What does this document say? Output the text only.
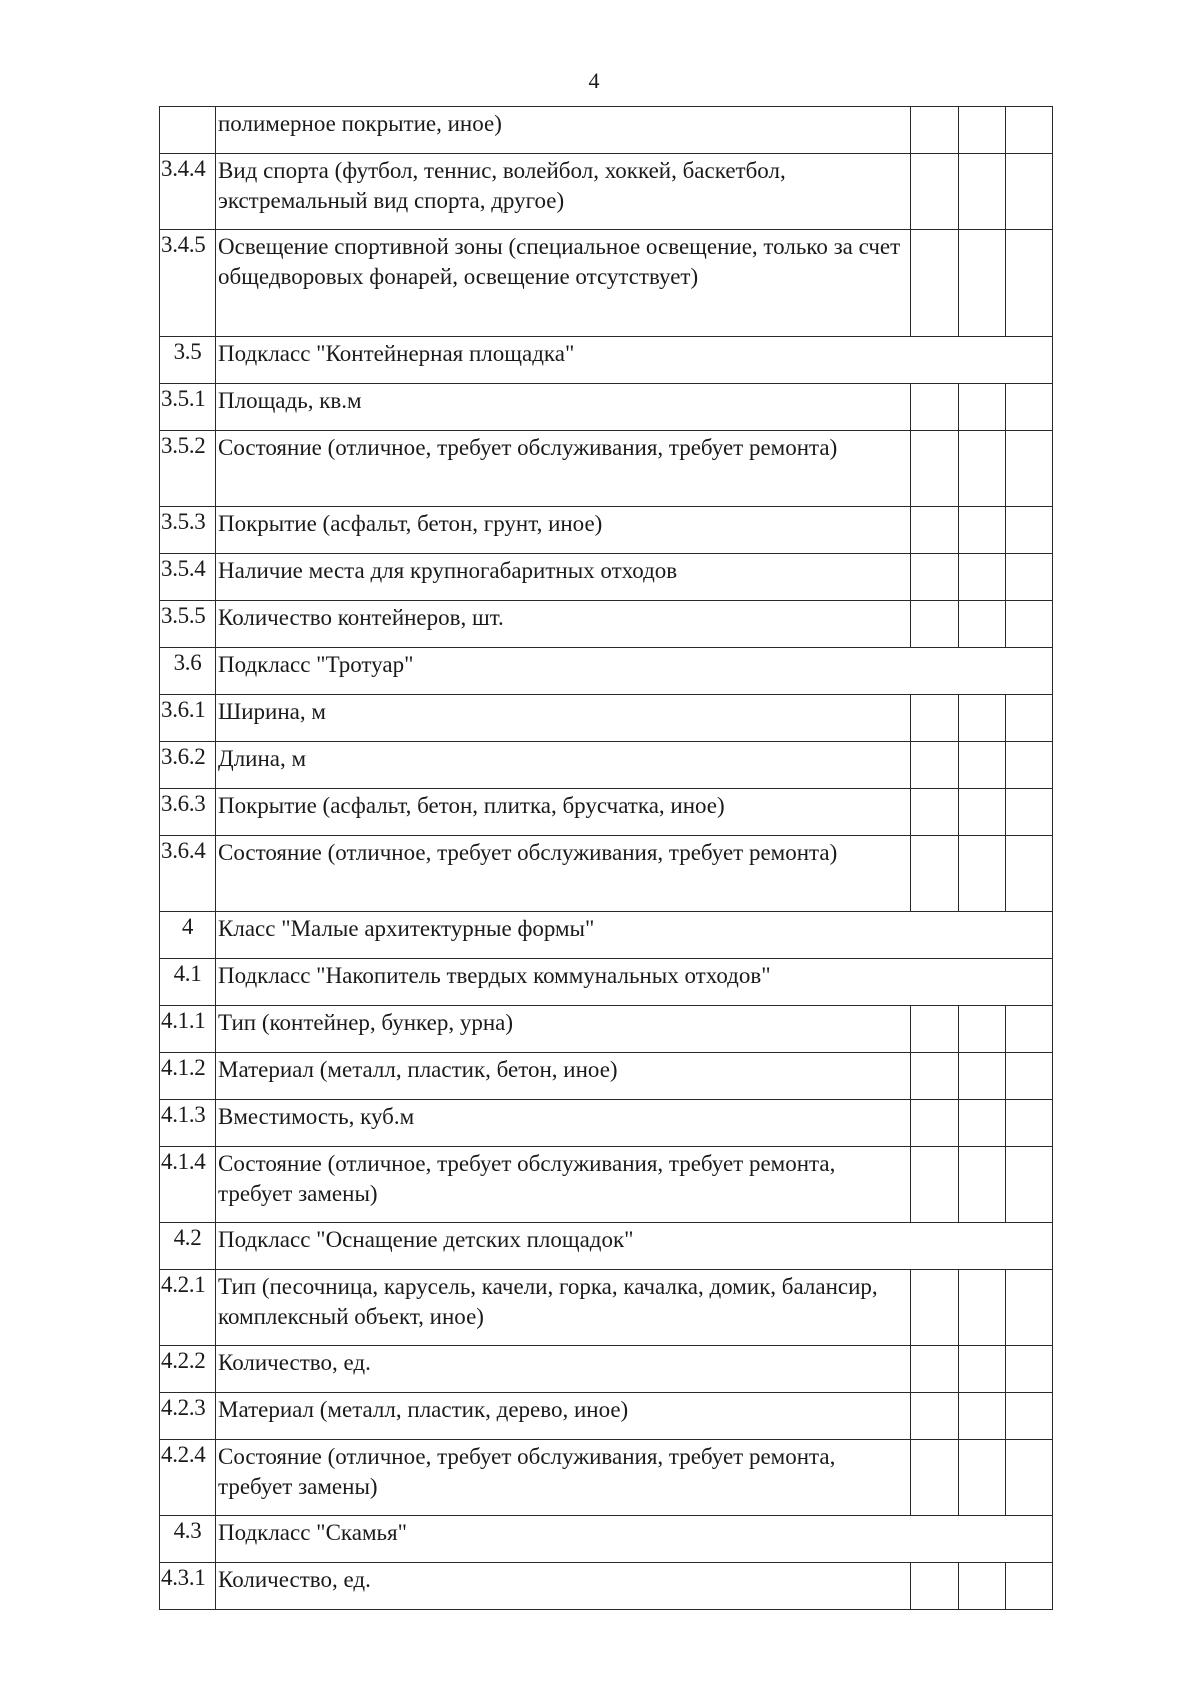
4
	полимерное покрытие, иное)			
3.4.4	Вид спорта (футбол, теннис, волейбол, хоккей, баскетбол, экстремальный вид спорта, другое)			
3.4.5	Освещение спортивной зоны (специальное освещение, только за счет общедворовых фонарей, освещение отсутствует)			
3.5	Подкласс "Контейнерная площадка"			
3.5.1	Площадь, кв.м			
3.5.2	Состояние (отличное, требует обслуживания, требует ремонта)			
3.5.3	Покрытие (асфальт, бетон, грунт, иное)			
3.5.4	Наличие места для крупногабаритных отходов			
3.5.5	Количество контейнеров, шт.			
3.6	Подкласс "Тротуар"			
3.6.1	Ширина, м			
3.6.2	Длина, м			
3.6.3	Покрытие (асфальт, бетон, плитка, брусчатка, иное)			
3.6.4	Состояние (отличное, требует обслуживания, требует ремонта)			
4	Класс "Малые архитектурные формы"			
4.1	Подкласс "Накопитель твердых коммунальных отходов"			
4.1.1	Тип (контейнер, бункер, урна)			
4.1.2	Материал (металл, пластик, бетон, иное)			
4.1.3	Вместимость, куб.м			
4.1.4	Состояние (отличное, требует обслуживания, требует ремонта, требует замены)			
4.2	Подкласс "Оснащение детских площадок"			
4.2.1	Тип (песочница, карусель, качели, горка, качалка, домик, балансир, комплексный объект, иное)			
4.2.2	Количество, ед.			
4.2.3	Материал (металл, пластик, дерево, иное)			
4.2.4	Состояние (отличное, требует обслуживания, требует ремонта, требует замены)			
4.3	Подкласс "Скамья"			
4.3.1	Количество, ед.			
